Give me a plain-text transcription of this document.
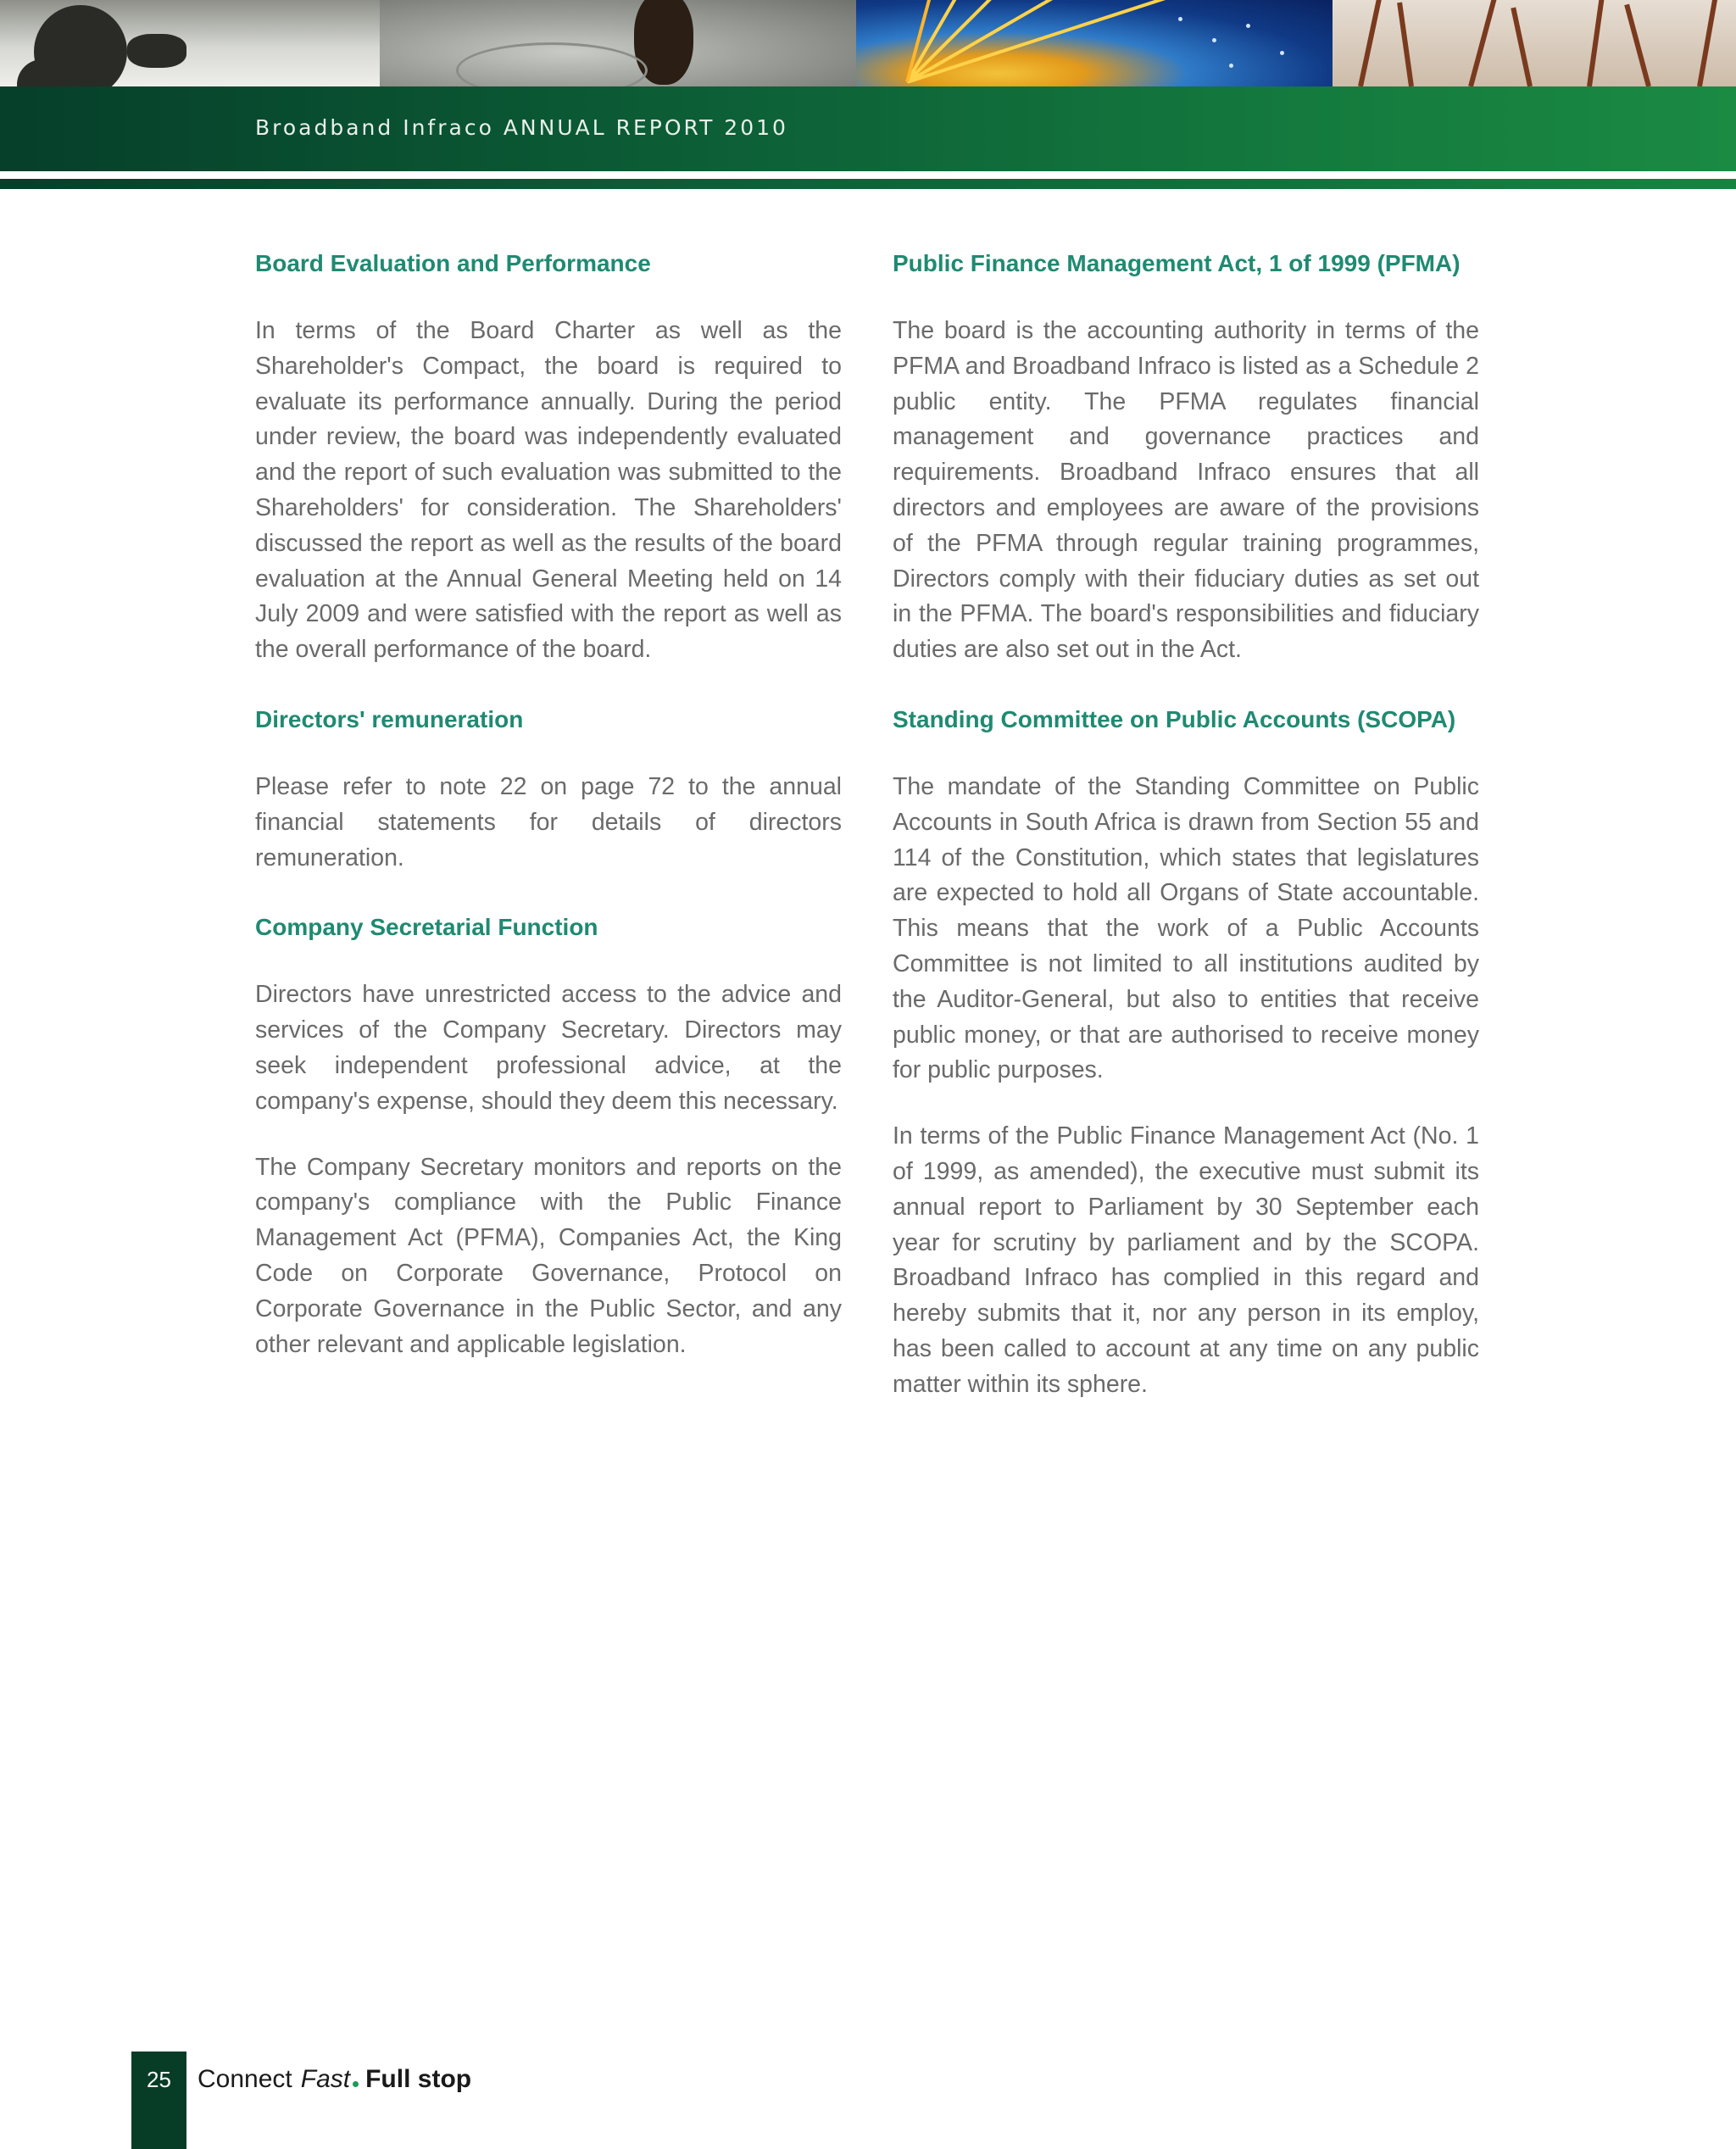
Broadband Infraco ANNUAL REPORT 2010
Board Evaluation and Performance

In terms of the Board Charter as well as the Shareholder's Compact, the board is required to evaluate its performance annually. During the period under review, the board was independently evaluated and the report of such evaluation was submitted to the Shareholders' for consideration. The Shareholders' discussed the report as well as the results of the board evaluation at the Annual General Meeting held on 14 July 2009 and were satisfied with the report as well as the overall performance of the board.

Directors' remuneration

Please refer to note 22 on page 72 to the annual financial statements for details of directors remuneration.

Company Secretarial Function

Directors have unrestricted access to the advice and services of the Company Secretary. Directors may seek independent professional advice, at the company's expense, should they deem this necessary.

The Company Secretary monitors and reports on the company's compliance with the Public Finance Management Act (PFMA), Companies Act, the King Code on Corporate Governance, Protocol on Corporate Governance in the Public Sector, and any other relevant and applicable legislation.

Public Finance Management Act, 1 of 1999 (PFMA)

The board is the accounting authority in terms of the PFMA and Broadband Infraco is listed as a Schedule 2 public entity. The PFMA regulates financial management and governance practices and requirements. Broadband Infraco ensures that all directors and employees are aware of the provisions of the PFMA through regular training programmes, Directors comply with their fiduciary duties as set out in the PFMA. The board's responsibilities and fiduciary duties are also set out in the Act.

Standing Committee on Public Accounts (SCOPA)

The mandate of the Standing Committee on Public Accounts in South Africa is drawn from Section 55 and 114 of the Constitution, which states that legislatures are expected to hold all Organs of State accountable. This means that the work of a Public Accounts Committee is not limited to all institutions audited by the Auditor-General, but also to entities that receive public money, or that are authorised to receive money for public purposes.

In terms of the Public Finance Management Act (No. 1 of 1999, as amended), the executive must submit its annual report to Parliament by 30 September each year for scrutiny by parliament and by the SCOPA. Broadband Infraco has complied in this regard and hereby submits that it, nor any person in its employ, has been called to account at any time on any public matter within its sphere.

25	Connect Fast Full stop
